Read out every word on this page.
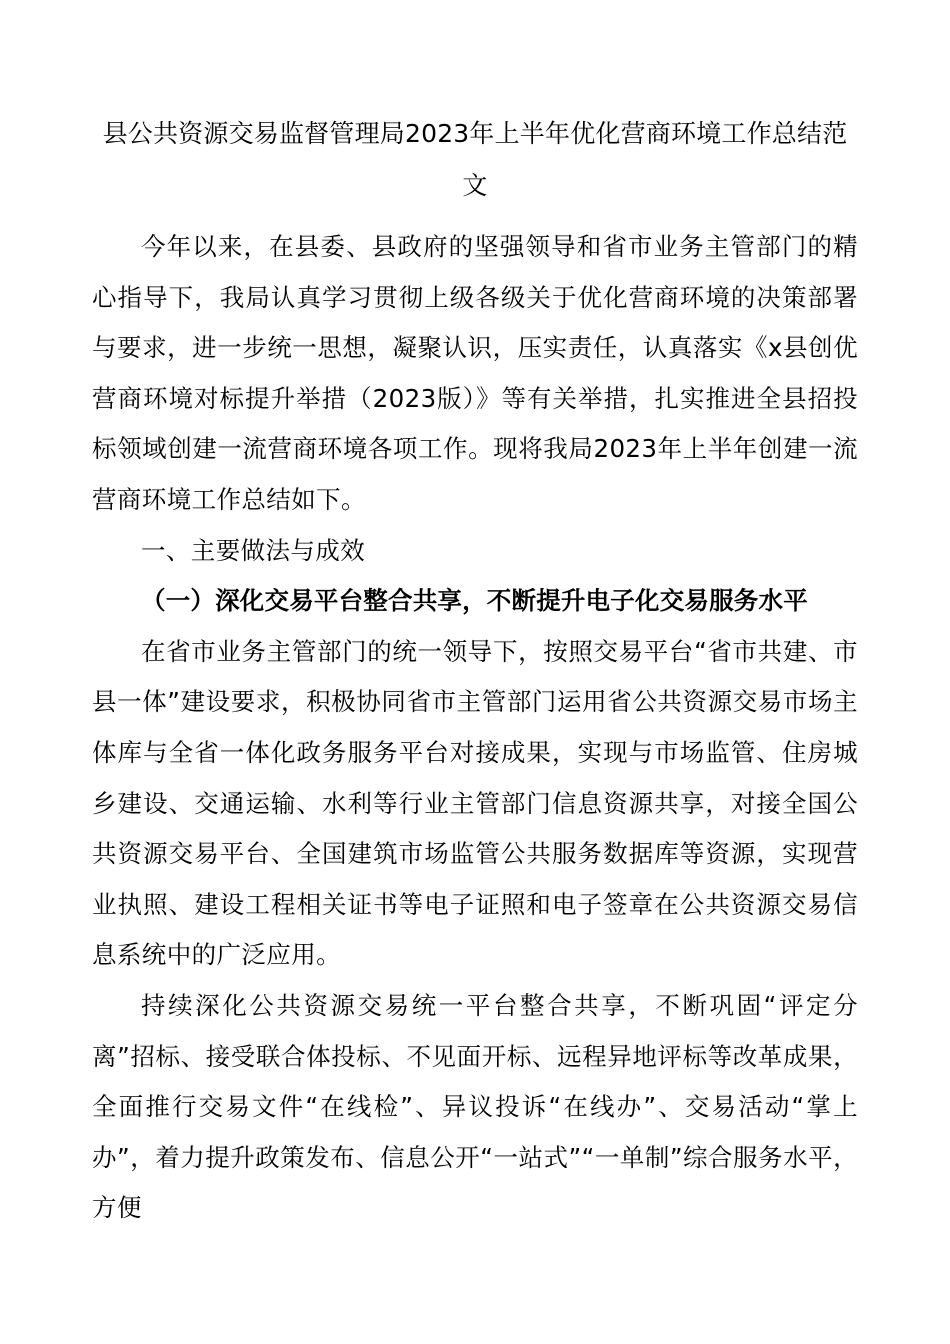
县公共资源交易监督管理局2023年上半年优化营商环境工作总结范文

今年以来，在县委、县政府的坚强领导和省市业务主管部门的精心指导下，我局认真学习贯彻上级各级关于优化营商环境的决策部署与要求，进一步统一思想，凝聚认识，压实责任，认真落实《x县创优营商环境对标提升举措（2023版）》等有关举措，扎实推进全县招投标领域创建一流营商环境各项工作。现将我局2023年上半年创建一流营商环境工作总结如下。

一、主要做法与成效

（一）深化交易平台整合共享，不断提升电子化交易服务水平

在省市业务主管部门的统一领导下，按照交易平台“省市共建、市县一体”建设要求，积极协同省市主管部门运用省公共资源交易市场主体库与全省一体化政务服务平台对接成果，实现与市场监管、住房城乡建设、交通运输、水利等行业主管部门信息资源共享，对接全国公共资源交易平台、全国建筑市场监管公共服务数据库等资源，实现营业执照、建设工程相关证书等电子证照和电子签章在公共资源交易信息系统中的广泛应用。

持续深化公共资源交易统一平台整合共享，不断巩固“评定分离”招标、接受联合体投标、不见面开标、远程异地评标等改革成果，全面推行交易文件“在线检”、异议投诉“在线办”、交易活动“掌上办”，着力提升政策发布、信息公开“一站式”“一单制”综合服务水平，方便
